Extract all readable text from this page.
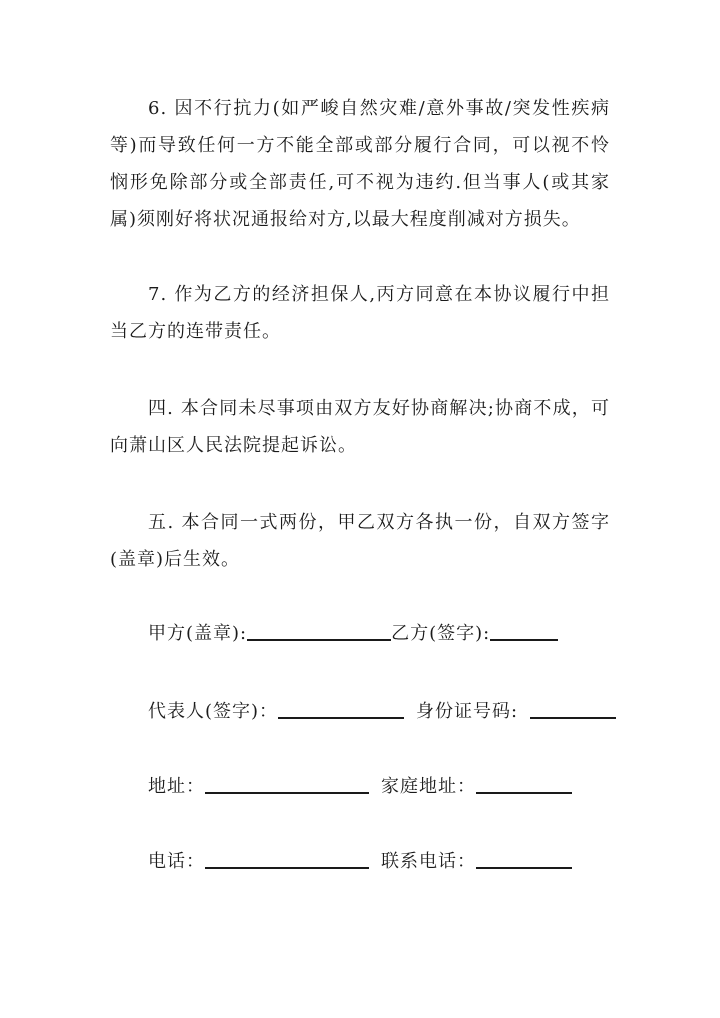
6. 因不行抗力(如严峻自然灾难/意外事故/突发性疾病等)而导致任何一方不能全部或部分履行合同，可以视不怜悯形免除部分或全部责任,可不视为违约.但当事人(或其家属)须刚好将状况通报给对方,以最大程度削减对方损失。

7. 作为乙方的经济担保人,丙方同意在本协议履行中担当乙方的连带责任。

四. 本合同未尽事项由双方友好协商解决;协商不成，可向萧山区人民法院提起诉讼。

五. 本合同一式两份，甲乙双方各执一份，自双方签字(盖章)后生效。

甲方(盖章):	乙方(签字):
代表人(签字)：	身份证号码:
地址：	家庭地址：
电话：	联系电话：
